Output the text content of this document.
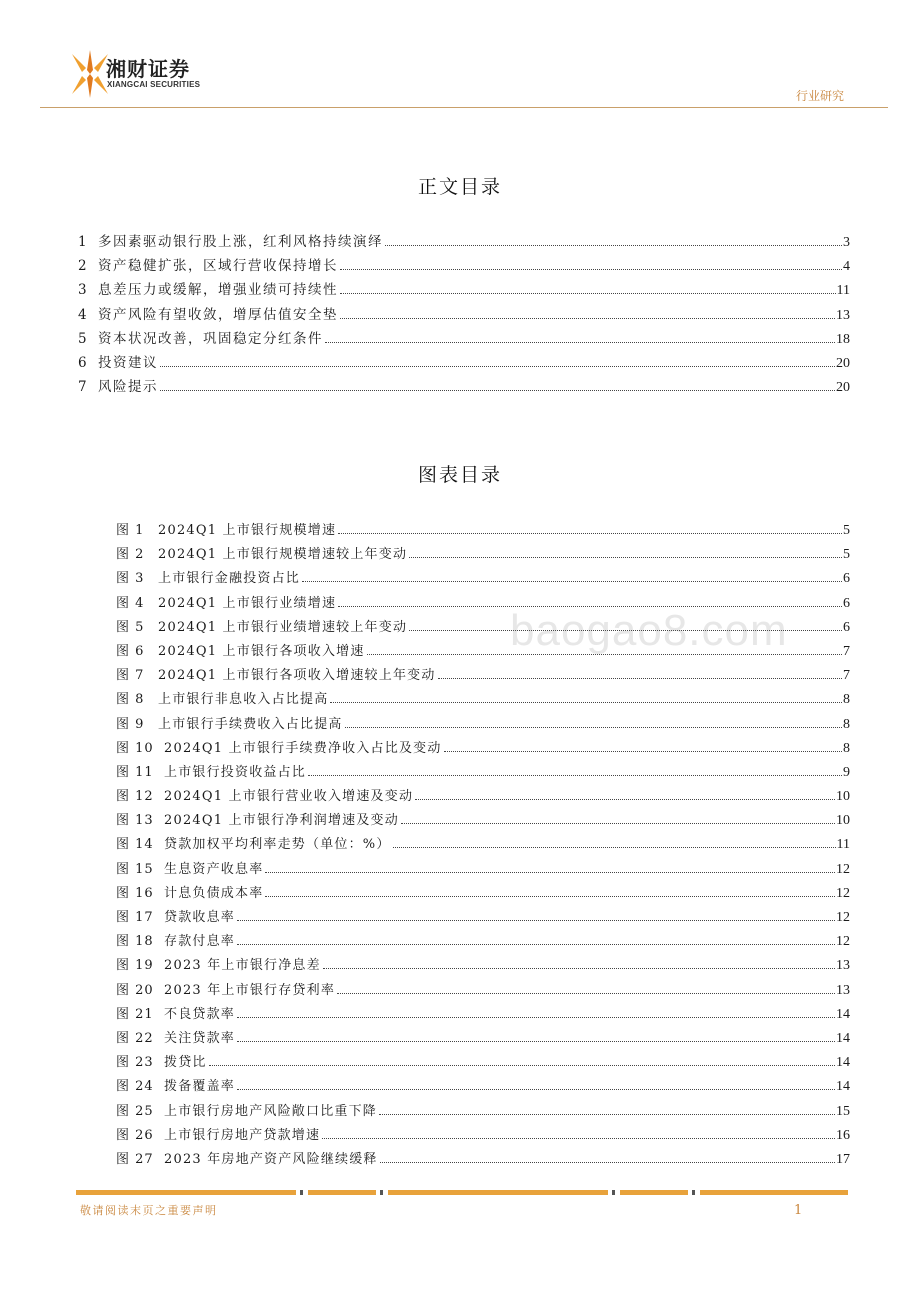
湘财证券
XIANGCAI SECURITIES
行业研究
正文目录
1 多因素驱动银行股上涨，红利风格持续演绎	3
2 资产稳健扩张，区域行营收保持增长	4
3 息差压力或缓解，增强业绩可持续性	11
4 资产风险有望收敛，增厚估值安全垫	13
5 资本状况改善，巩固稳定分红条件	18
6 投资建议	20
7 风险提示	20
图表目录
图 1	2024Q1 上市银行规模增速	5
图 2	2024Q1 上市银行规模增速较上年变动	5
图 3	上市银行金融投资占比	6
图 4	2024Q1 上市银行业绩增速	6
图 5	2024Q1 上市银行业绩增速较上年变动	6
图 6	2024Q1 上市银行各项收入增速	7
图 7	2024Q1 上市银行各项收入增速较上年变动	7
图 8	上市银行非息收入占比提高	8
图 9	上市银行手续费收入占比提高	8
图 10 2024Q1 上市银行手续费净收入占比及变动	8
图 11 上市银行投资收益占比	9
图 12 2024Q1 上市银行营业收入增速及变动	10
图 13 2024Q1 上市银行净利润增速及变动	10
图 14 贷款加权平均利率走势（单位：%）	11
图 15 生息资产收息率	12
图 16 计息负债成本率	12
图 17 贷款收息率	12
图 18 存款付息率	12
图 19 2023 年上市银行净息差	13
图 20 2023 年上市银行存贷利率	13
图 21 不良贷款率	14
图 22 关注贷款率	14
图 23 拨贷比	14
图 24 拨备覆盖率	14
图 25 上市银行房地产风险敞口比重下降	15
图 26 上市银行房地产贷款增速	16
图 27 2023 年房地产资产风险继续缓释	17
baogao8.com
敬请阅读末页之重要声明	1
